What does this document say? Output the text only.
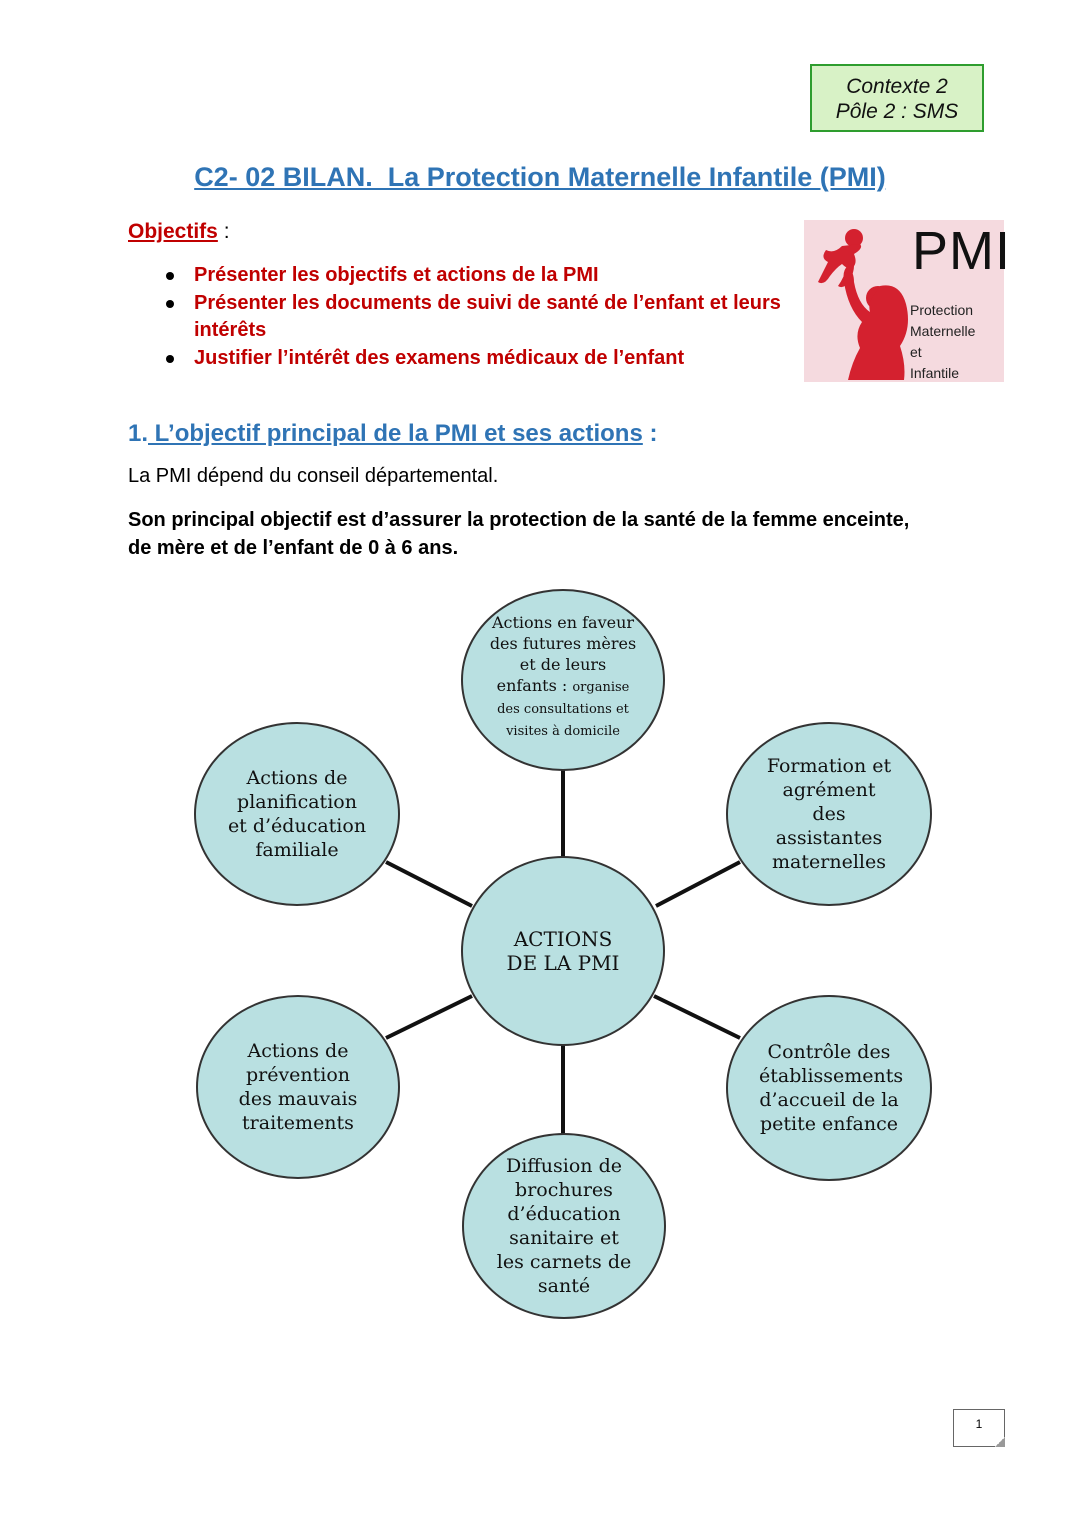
Contexte 2
Pôle 2 : SMS
C2- 02 BILAN.  La Protection Maternelle Infantile (PMI)
Objectifs :
Présenter les objectifs et actions de la PMI
Présenter les documents de suivi de santé de l’enfant et leurs intérêts
Justifier l’intérêt des examens médicaux de l’enfant
PMI
Protection
Maternelle
et
Infantile
1. L’objectif principal de la PMI et ses actions :
La PMI dépend du conseil départemental.
Son principal objectif est d’assurer la protection de la santé de la femme enceinte, de mère et de l’enfant de 0 à 6 ans.
ACTIONS DE LA PMI
Actions en faveur des futures mères et de leurs enfants : organise des consultations et visites à domicile
Actions de planification et d’éducation familiale
Formation et agrément des assistantes maternelles
Actions de prévention des mauvais traitements
Contrôle des établissements d’accueil de la petite enfance
Diffusion de brochures d’éducation sanitaire et les carnets de santé
1
